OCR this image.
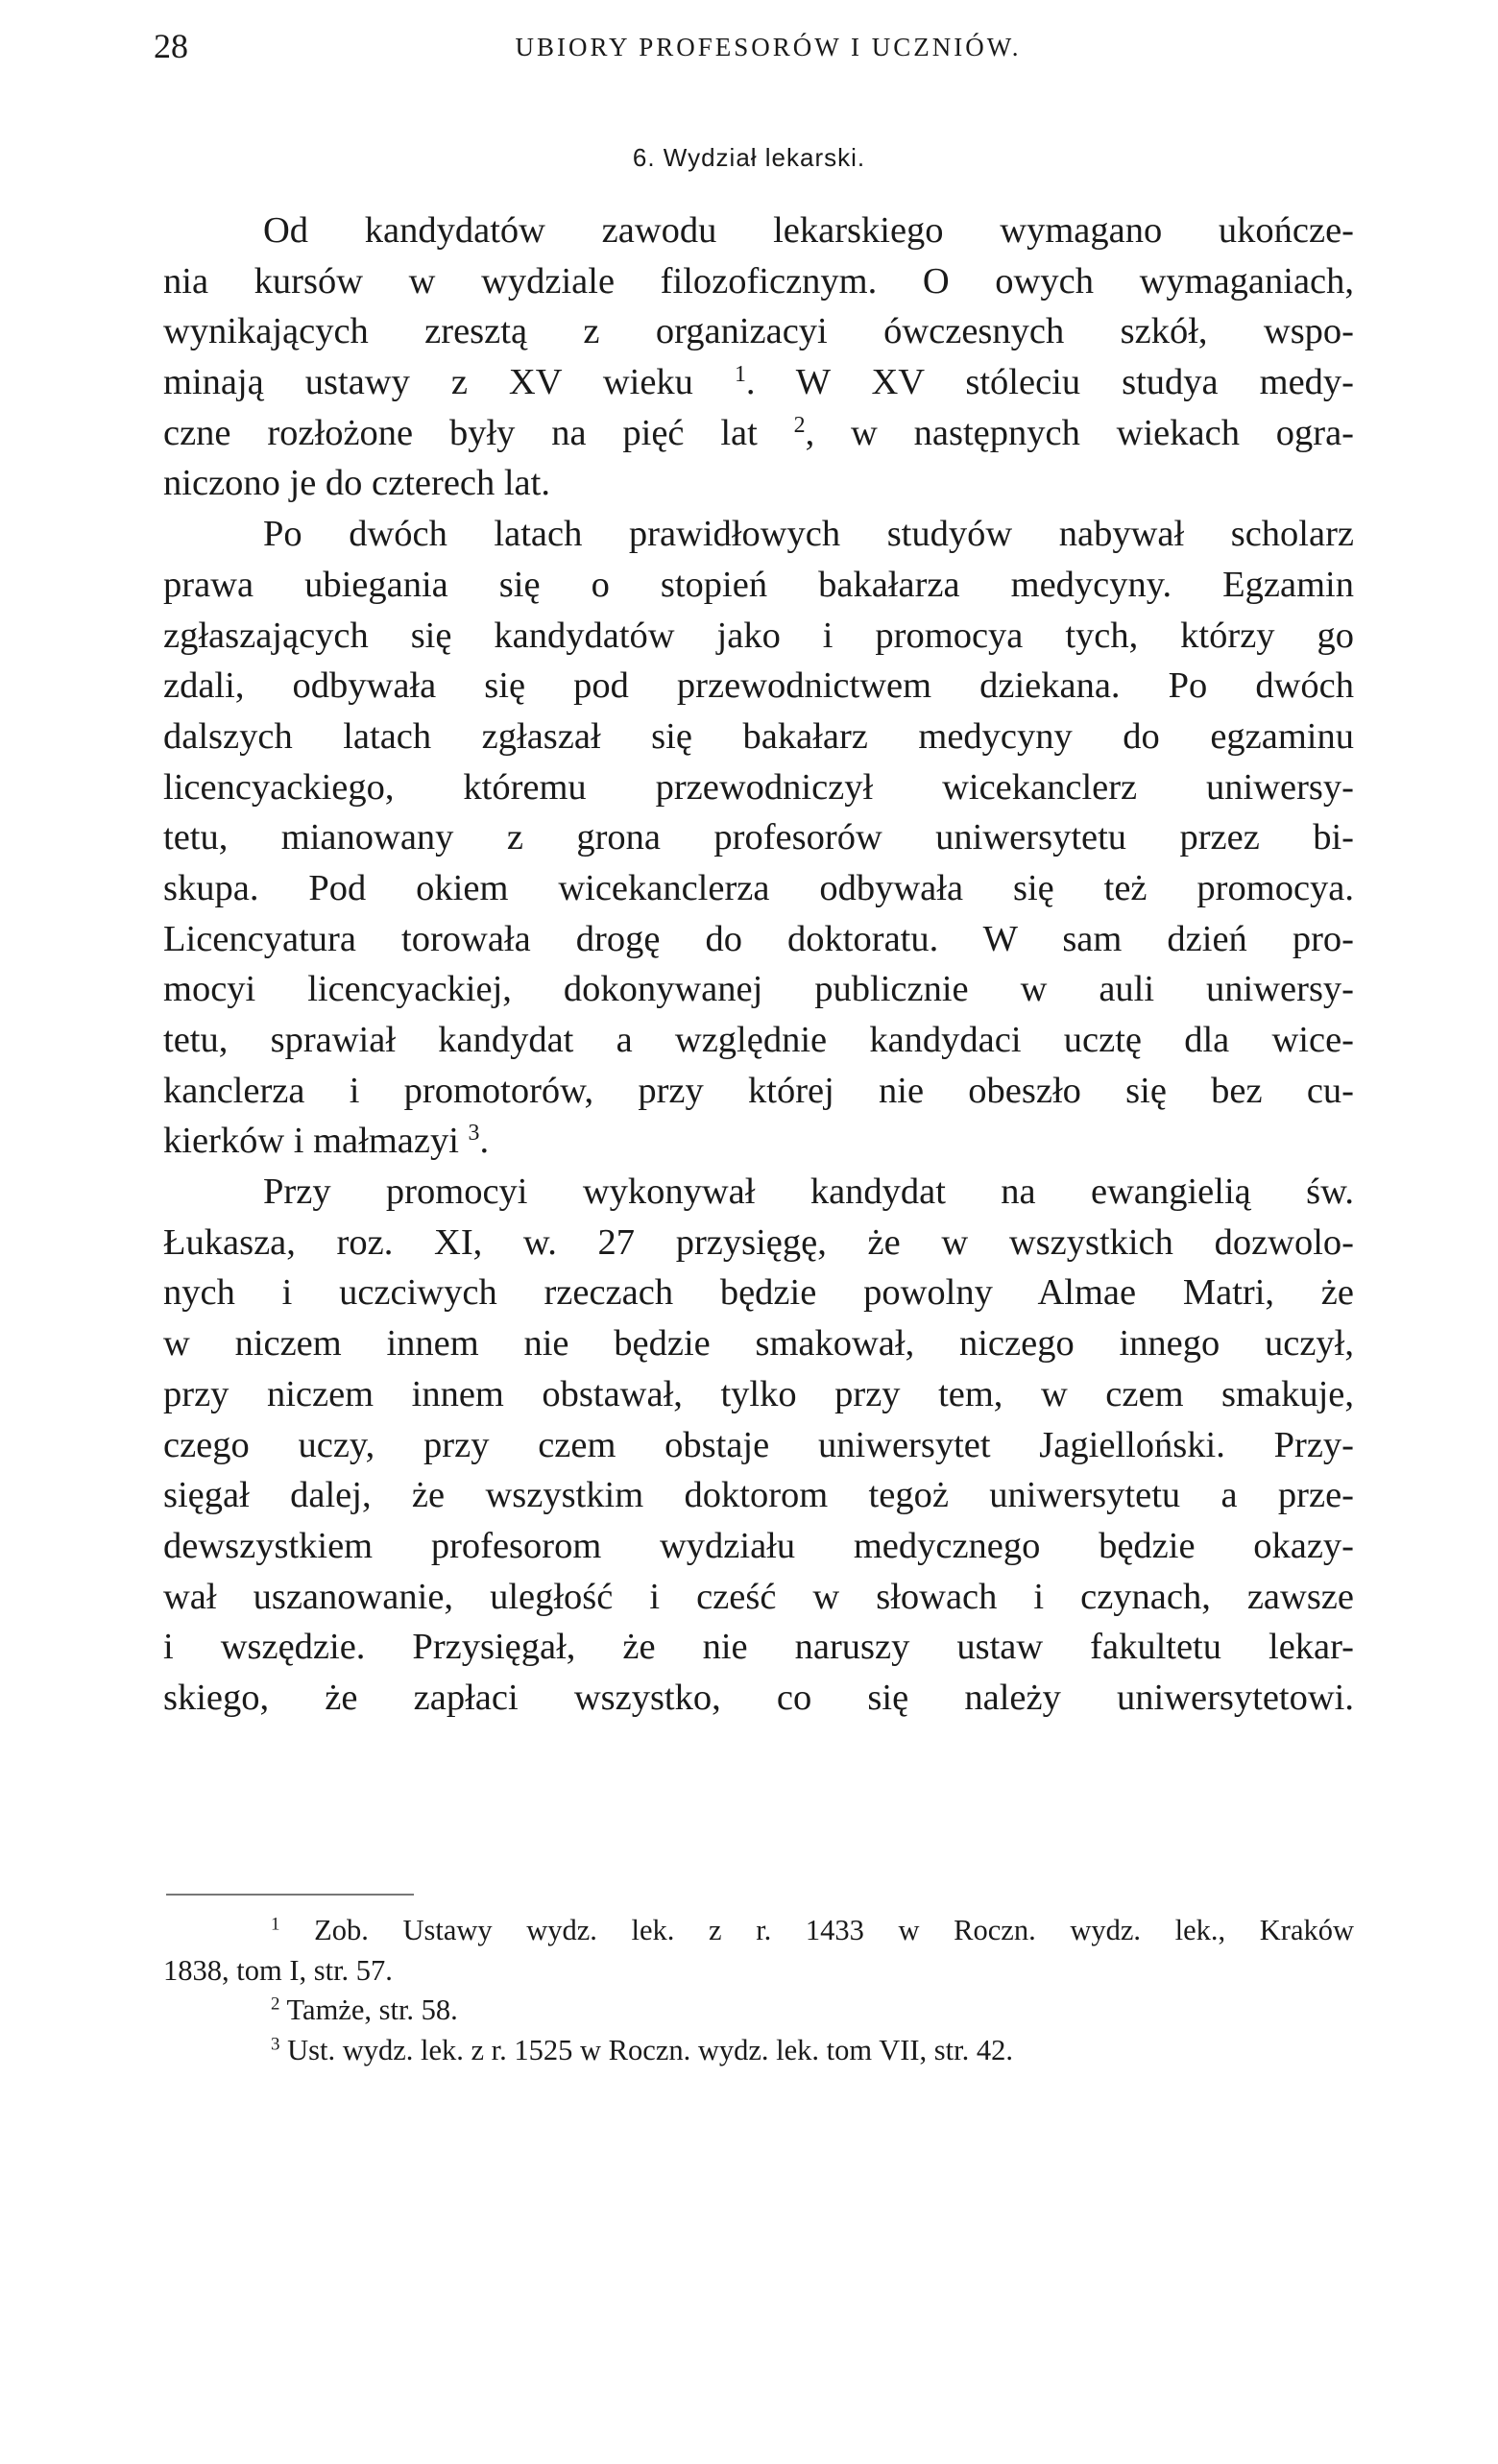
28	UBIORY PROFESORÓW I UCZNIÓW.
6. Wydział lekarski.
Od kandydatów zawodu lekarskiego wymagano ukończe-
nia kursów w wydziale filozoficznym. O owych wymaganiach,
wynikających zresztą z organizacyi ówczesnych szkół, wspo-
minają ustawy z XV wieku $^1$. W XV stóleciu studya medy-
czne rozłożone były na pięć lat $^2$, w następnych wiekach ogra-
niczono je do czterech lat.
Po dwóch latach prawidłowych studyów nabywał scholarz
prawa ubiegania się o stopień bakałarza medycyny. Egzamin
zgłaszających się kandydatów jako i promocya tych, którzy go
zdali, odbywała się pod przewodnictwem dziekana. Po dwóch
dalszych latach zgłaszał się bakałarz medycyny do egzaminu
licencyackiego, któremu przewodniczył wicekanclerz uniwersy-
tetu, mianowany z grona profesorów uniwersytetu przez bi-
skupa. Pod okiem wicekanclerza odbywała się też promocya.
Licencyatura torowała drogę do doktoratu. W sam dzień pro-
mocyi licencyackiej, dokonywanej publicznie w auli uniwersy-
tetu, sprawiał kandydat a względnie kandydaci ucztę dla wice-
kanclerza i promotorów, przy której nie obeszło się bez cu-
kierków i małmazyi $^3$.
Przy promocyi wykonywał kandydat na ewangielią św.
Łukasza, roz. XI, w. 27 przysięgę, że w wszystkich dozwolo-
nych i uczciwych rzeczach będzie powolny Almae Matri, że
w niczem innem nie będzie smakował, niczego innego uczył,
przy niczem innem obstawał, tylko przy tem, w czem smakuje,
czego uczy, przy czem obstaje uniwersytet Jagielloński. Przy-
sięgał dalej, że wszystkim doktorom tegoż uniwersytetu a prze-
dewszystkiem profesorom wydziału medycznego będzie okazy-
wał uszanowanie, uległość i cześć w słowach i czynach, zawsze
i wszędzie. Przysięgał, że nie naruszy ustaw fakultetu lekar-
skiego, że zapłaci wszystko, co się należy uniwersytetowi.
$^1$ Zob. Ustawy wydz. lek. z r. 1433 w Roczn. wydz. lek., Kraków
1838, tom I, str. 57.
$^2$ Tamże, str. 58.
$^3$ Ust. wydz. lek. z r. 1525 w Roczn. wydz. lek. tom VII, str. 42.
